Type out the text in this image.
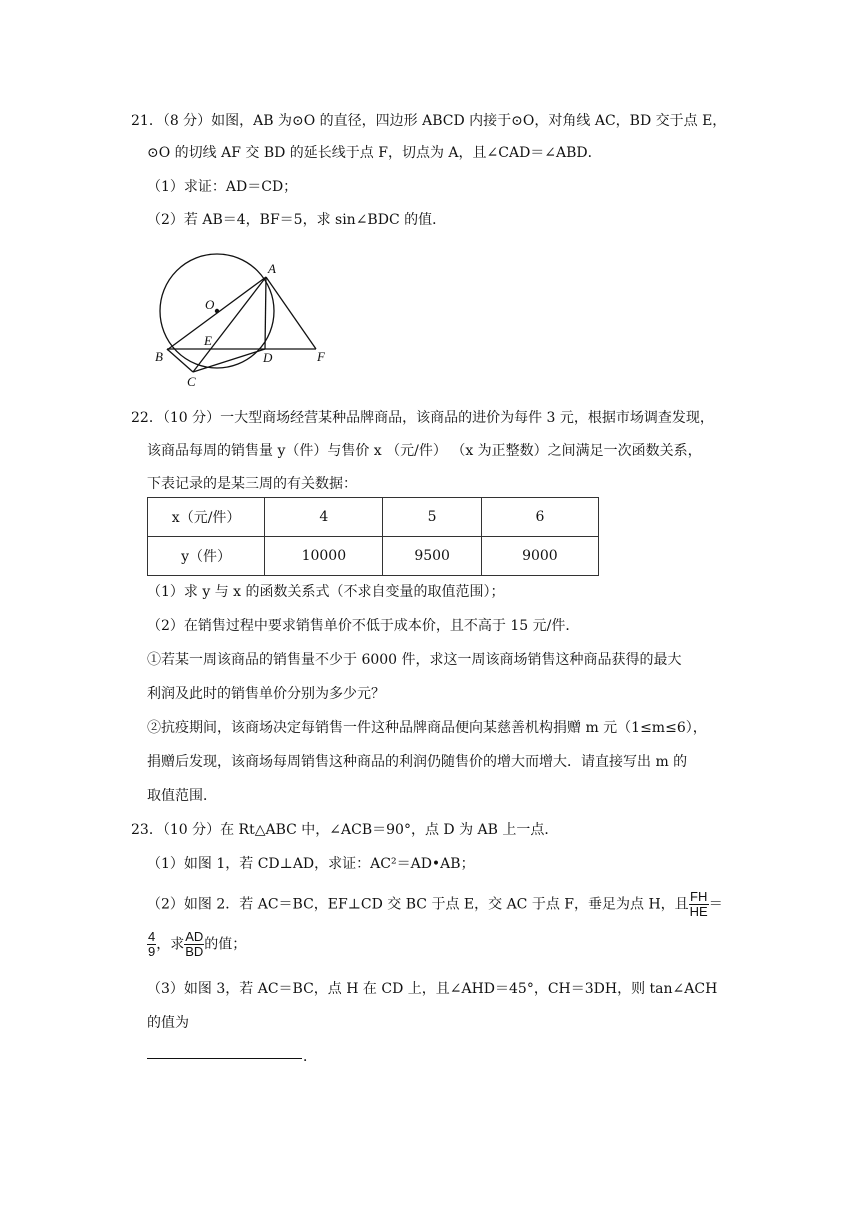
21．（8 分）如图，AB 为⊙O 的直径，四边形 ABCD 内接于⊙O，对角线 AC，BD 交于点 E，
⊙O 的切线 AF 交 BD 的延长线于点 F，切点为 A，且∠CAD＝∠ABD．
（1）求证：AD＝CD；
（2）若 AB＝4，BF＝5，求 sin∠BDC 的值．
A
O
E
B
C
D	F
22．（10 分）一大型商场经营某种品牌商品，该商品的进价为每件 3 元，根据市场调查发现，
该商品每周的销售量 y（件）与售价 x （元/件） （x 为正整数）之间满足一次函数关系，
下表记录的是某三周的有关数据：
x（元/件）	4	5	6
y（件）	10000	9500	9000
（1）求 y 与 x 的函数关系式（不求自变量的取值范围）；
（2）在销售过程中要求销售单价不低于成本价，且不高于 15 元/件．
①若某一周该商品的销售量不少于 6000 件，求这一周该商场销售这种商品获得的最大
利润及此时的销售单价分别为多少元？
②抗疫期间，该商场决定每销售一件这种品牌商品便向某慈善机构捐赠 m 元（1≤m≤6），
捐赠后发现，该商场每周销售这种商品的利润仍随售价的增大而增大．请直接写出 m 的
取值范围．
23．（10 分）在 Rt△ABC 中，∠ACB＝90°，点 D 为 AB 上一点．
（1）如图 1，若 CD⊥AD，求证：AC²＝AD•AB；
（2）如图 2．若 AC＝BC，EF⊥CD 交 BC 于点 E，交 AC 于点 F，垂足为点 H，且 $\frac{FH}{HE}$ ＝
$\frac{4}{9}$ ，求 $\frac{AD}{BD}$ 的值；
（3）如图 3，若 AC＝BC，点 H 在 CD 上，且∠AHD＝45°，CH＝3DH，则 tan∠ACH
的值为
．
